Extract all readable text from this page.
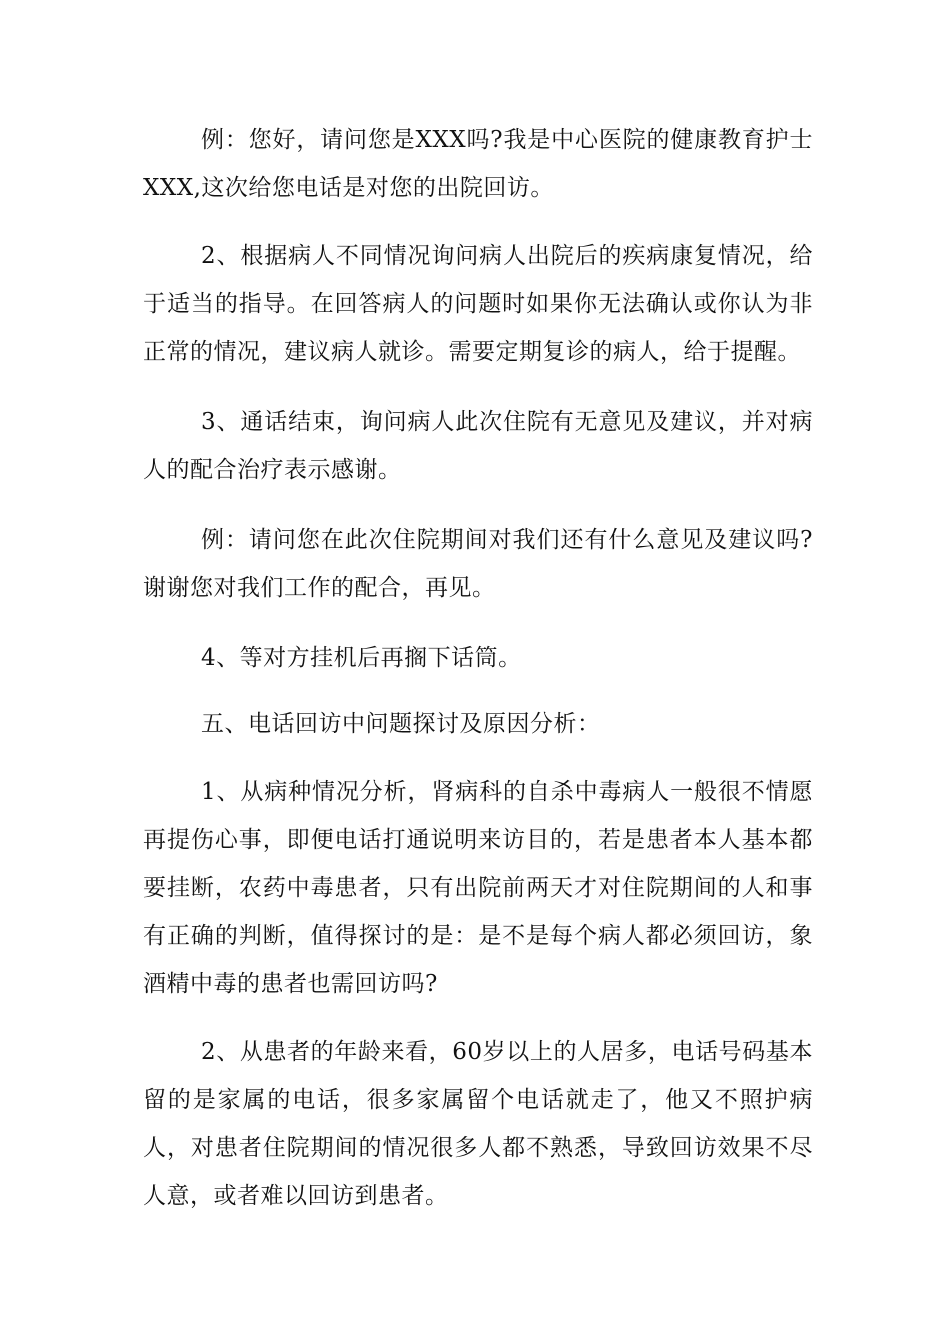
例：您好，请问您是XXX吗?我是中心医院的健康教育护士XXX,这次给您电话是对您的出院回访。

2、根据病人不同情况询问病人出院后的疾病康复情况，给于适当的指导。在回答病人的问题时如果你无法确认或你认为非正常的情况，建议病人就诊。需要定期复诊的病人，给于提醒。

3、通话结束，询问病人此次住院有无意见及建议，并对病人的配合治疗表示感谢。

例：请问您在此次住院期间对我们还有什么意见及建议吗?谢谢您对我们工作的配合，再见。

4、等对方挂机后再搁下话筒。

五、电话回访中问题探讨及原因分析：

1、从病种情况分析，肾病科的自杀中毒病人一般很不情愿再提伤心事，即便电话打通说明来访目的，若是患者本人基本都要挂断，农药中毒患者，只有出院前两天才对住院期间的人和事有正确的判断，值得探讨的是：是不是每个病人都必须回访，象酒精中毒的患者也需回访吗?

2、从患者的年龄来看，60岁以上的人居多，电话号码基本留的是家属的电话，很多家属留个电话就走了，他又不照护病人，对患者住院期间的情况很多人都不熟悉，导致回访效果不尽人意，或者难以回访到患者。
